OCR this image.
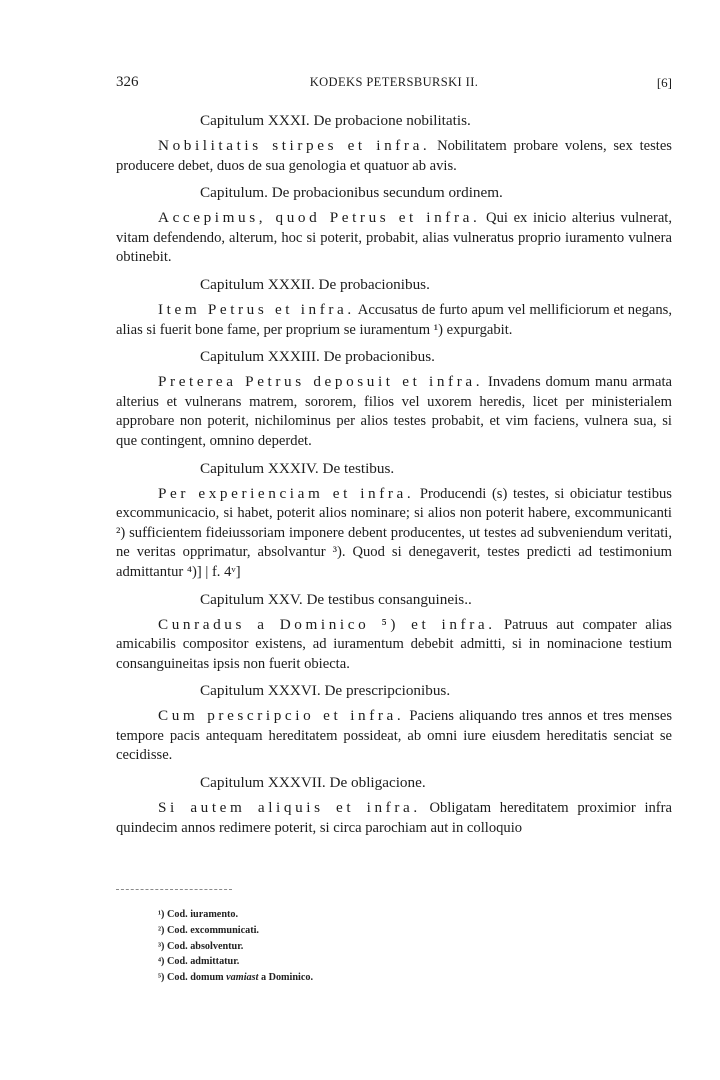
326	KODEKS PETERSBURSKI II.	[6]

Capitulum XXXI. De probacione nobilitatis.

Nobilitatis stirpes et infra. Nobilitatem probare volens, sex testes producere debet, duos de sua genologia et quatuor ab avis.

Capitulum. De probacionibus secundum ordinem.

Accepimus, quod Petrus et infra. Qui ex inicio alterius vulnerat, vitam defendendo, alterum, hoc si poterit, probabit, alias vulneratus proprio iuramento vulnera obtinebit.

Capitulum XXXII. De probacionibus.

Item Petrus et infra. Accusatus de furto apum vel mellificiorum et negans, alias si fuerit bone fame, per proprium se iuramentum ¹) expurgabit.

Capitulum XXXIII. De probacionibus.

Preterea Petrus deposuit et infra. Invadens domum manu armata alterius et vulnerans matrem, sororem, filios vel uxorem heredis, licet per ministerialem approbare non poterit, nichilominus per alios testes probabit, et vim faciens, vulnera sua, si que contingent, omnino deperdet.

Capitulum XXXIV. De testibus.

Per experienciam et infra. Producendi (s) testes, si obiciatur testibus excommunicacio, si habet, poterit alios nominare; si alios non poterit habere, excommunicanti ²) sufficientem fideiussoriam imponere debent producentes, ut testes ad subveniendum veritati, ne veritas opprimatur, absolvantur ³). Quod si denegaverit, testes predicti ad testimonium admittantur ⁴)] | f. 4ᵛ]

Capitulum XXV. De testibus consanguineis..

Cunradus a Dominico ⁵) et infra. Patruus aut compater alias amicabilis compositor existens, ad iuramentum debebit admitti, si in nominacione testium consanguineitas ipsis non fuerit obiecta.

Capitulum XXXVI. De prescripcionibus.

Cum prescripcio et infra. Paciens aliquando tres annos et tres menses tempore pacis antequam hereditatem possideat, ab omni iure eiusdem hereditatis senciat se cecidisse.

Capitulum XXXVII. De obligacione.

Si autem aliquis et infra. Obligatam hereditatem proximior infra quindecim annos redimere poterit, si circa parochiam aut in colloquio

¹) Cod. iuramento.
²) Cod. excommunicati.
³) Cod. absolventur.
⁴) Cod. admittatur.
⁵) Cod. domum vamiast a Dominico.
